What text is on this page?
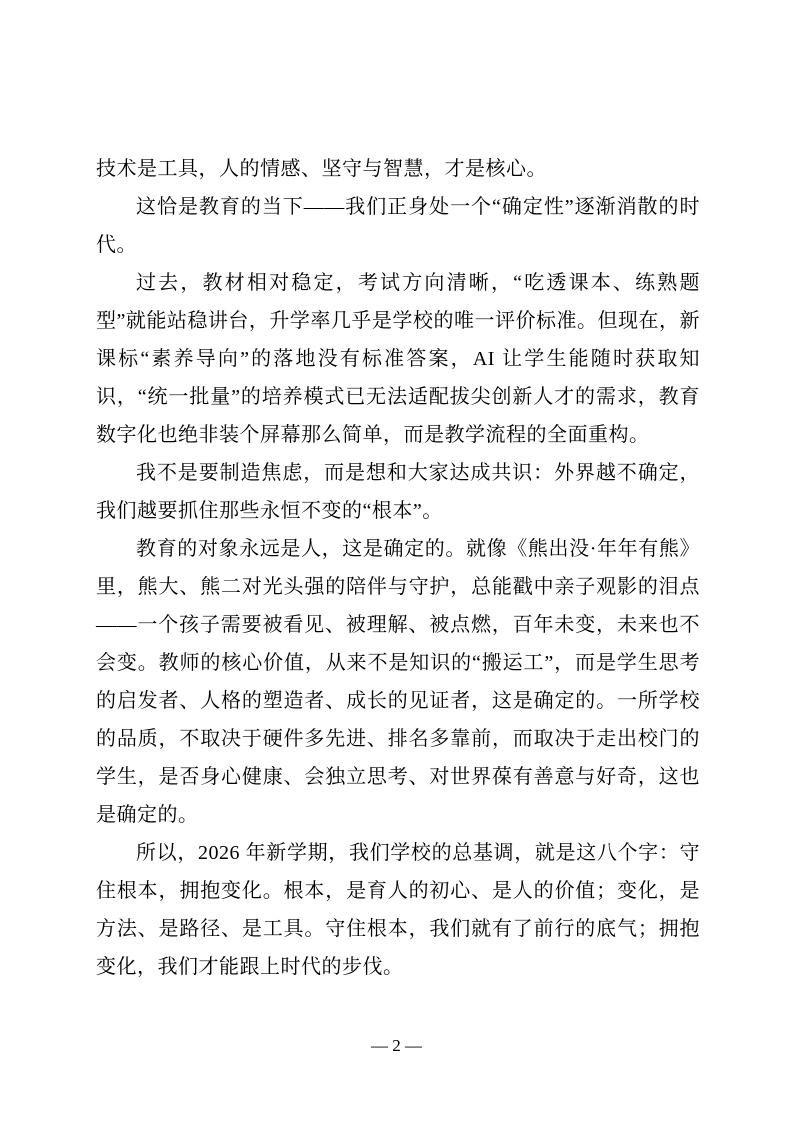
技术是工具，人的情感、坚守与智慧，才是核心。

这恰是教育的当下——我们正身处一个“确定性”逐渐消散的时代。

过去，教材相对稳定，考试方向清晰，“吃透课本、练熟题型”就能站稳讲台，升学率几乎是学校的唯一评价标准。但现在，新课标“素养导向”的落地没有标准答案，AI 让学生能随时获取知识，“统一批量”的培养模式已无法适配拔尖创新人才的需求，教育数字化也绝非装个屏幕那么简单，而是教学流程的全面重构。

我不是要制造焦虑，而是想和大家达成共识：外界越不确定，我们越要抓住那些永恒不变的“根本”。

教育的对象永远是人，这是确定的。就像《熊出没·年年有熊》里，熊大、熊二对光头强的陪伴与守护，总能戳中亲子观影的泪点——一个孩子需要被看见、被理解、被点燃，百年未变，未来也不会变。教师的核心价值，从来不是知识的“搬运工”，而是学生思考的启发者、人格的塑造者、成长的见证者，这是确定的。一所学校的品质，不取决于硬件多先进、排名多靠前，而取决于走出校门的学生，是否身心健康、会独立思考、对世界葆有善意与好奇，这也是确定的。

所以，2026 年新学期，我们学校的总基调，就是这八个字：守住根本，拥抱变化。根本，是育人的初心、是人的价值；变化，是方法、是路径、是工具。守住根本，我们就有了前行的底气；拥抱变化，我们才能跟上时代的步伐。

— 2 —
